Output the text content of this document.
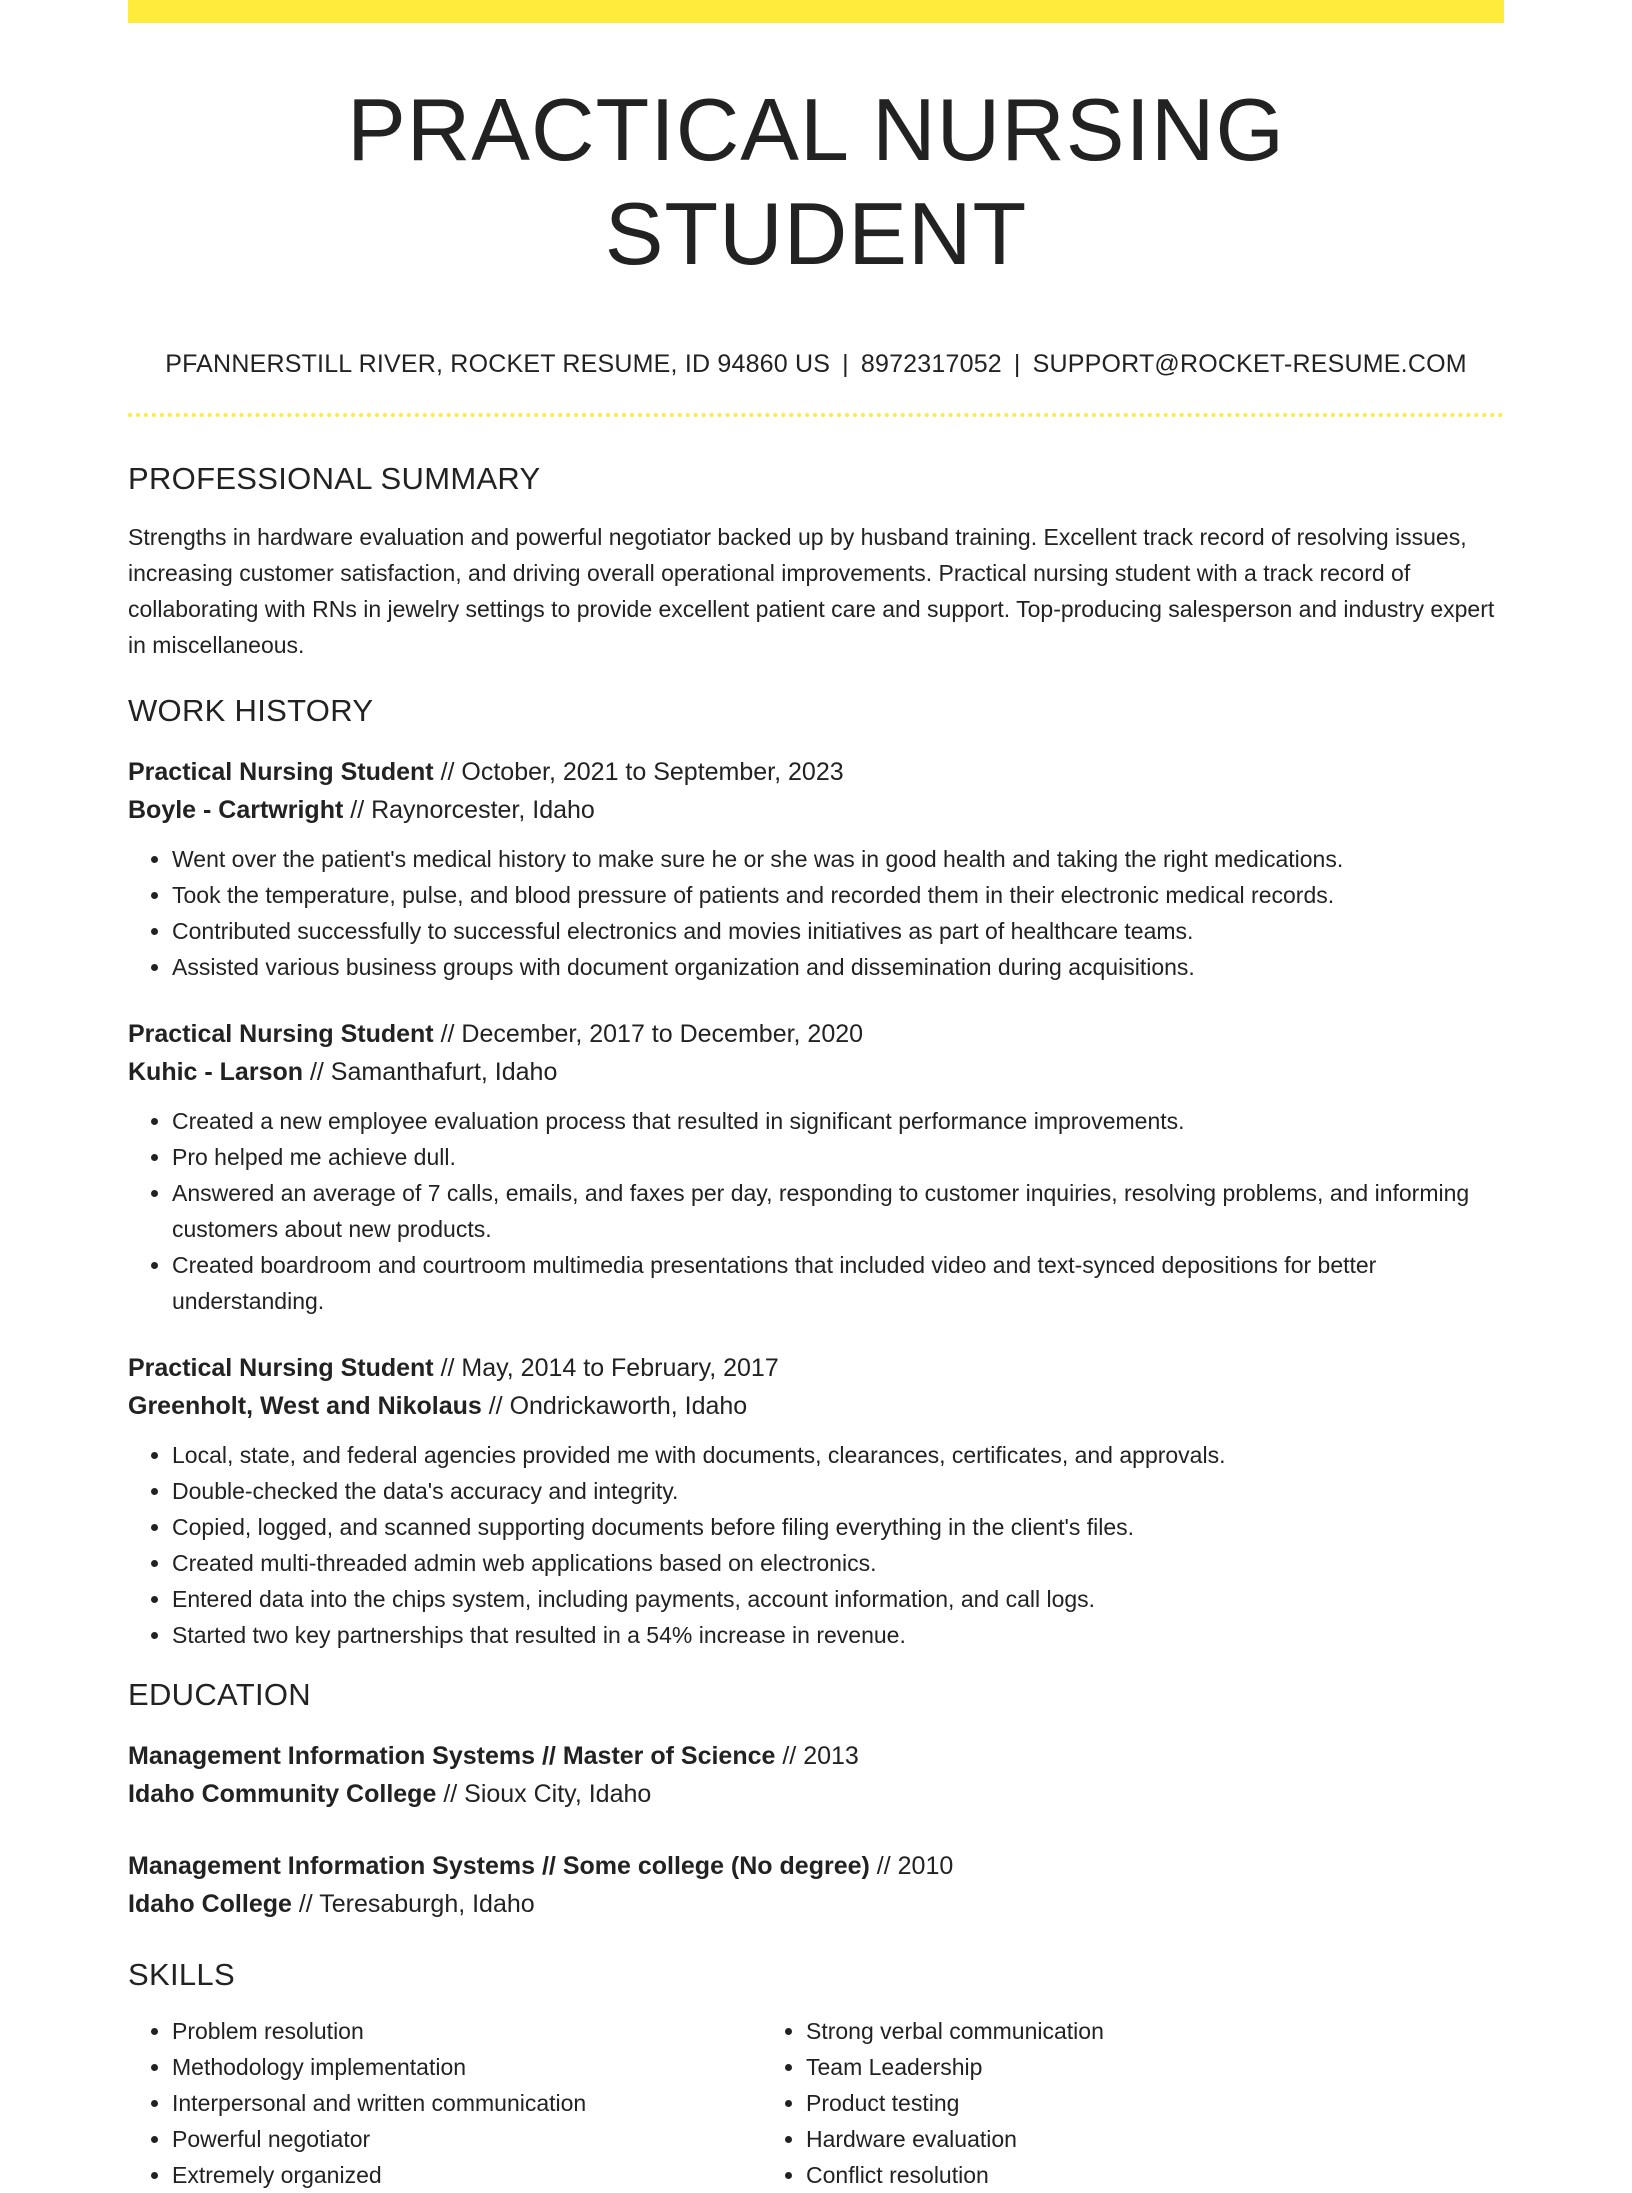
PRACTICAL NURSING STUDENT
PFANNERSTILL RIVER, ROCKET RESUME, ID 94860 US | 8972317052 | SUPPORT@ROCKET-RESUME.COM
PROFESSIONAL SUMMARY

Strengths in hardware evaluation and powerful negotiator backed up by husband training. Excellent track record of resolving issues, increasing customer satisfaction, and driving overall operational improvements. Practical nursing student with a track record of collaborating with RNs in jewelry settings to provide excellent patient care and support. Top-producing salesperson and industry expert in miscellaneous.

WORK HISTORY
Practical Nursing Student // October, 2021 to September, 2023
Boyle - Cartwright // Raynorcester, Idaho
• Went over the patient's medical history to make sure he or she was in good health and taking the right medications.
• Took the temperature, pulse, and blood pressure of patients and recorded them in their electronic medical records.
• Contributed successfully to successful electronics and movies initiatives as part of healthcare teams.
• Assisted various business groups with document organization and dissemination during acquisitions.
Practical Nursing Student // December, 2017 to December, 2020
Kuhic - Larson // Samanthafurt, Idaho
• Created a new employee evaluation process that resulted in significant performance improvements.
• Pro helped me achieve dull.
• Answered an average of 7 calls, emails, and faxes per day, responding to customer inquiries, resolving problems, and informing customers about new products.
• Created boardroom and courtroom multimedia presentations that included video and text-synced depositions for better understanding.
Practical Nursing Student // May, 2014 to February, 2017
Greenholt, West and Nikolaus // Ondrickaworth, Idaho
• Local, state, and federal agencies provided me with documents, clearances, certificates, and approvals.
• Double-checked the data's accuracy and integrity.
• Copied, logged, and scanned supporting documents before filing everything in the client's files.
• Created multi-threaded admin web applications based on electronics.
• Entered data into the chips system, including payments, account information, and call logs.
• Started two key partnerships that resulted in a 54% increase in revenue.
EDUCATION
Management Information Systems // Master of Science // 2013
Idaho Community College // Sioux City, Idaho
Management Information Systems // Some college (No degree) // 2010
Idaho College // Teresaburgh, Idaho
SKILLS
• Problem resolution
• Methodology implementation
• Interpersonal and written communication
• Powerful negotiator
• Extremely organized
• Strong verbal communication
• Team Leadership
• Product testing
• Hardware evaluation
• Conflict resolution
